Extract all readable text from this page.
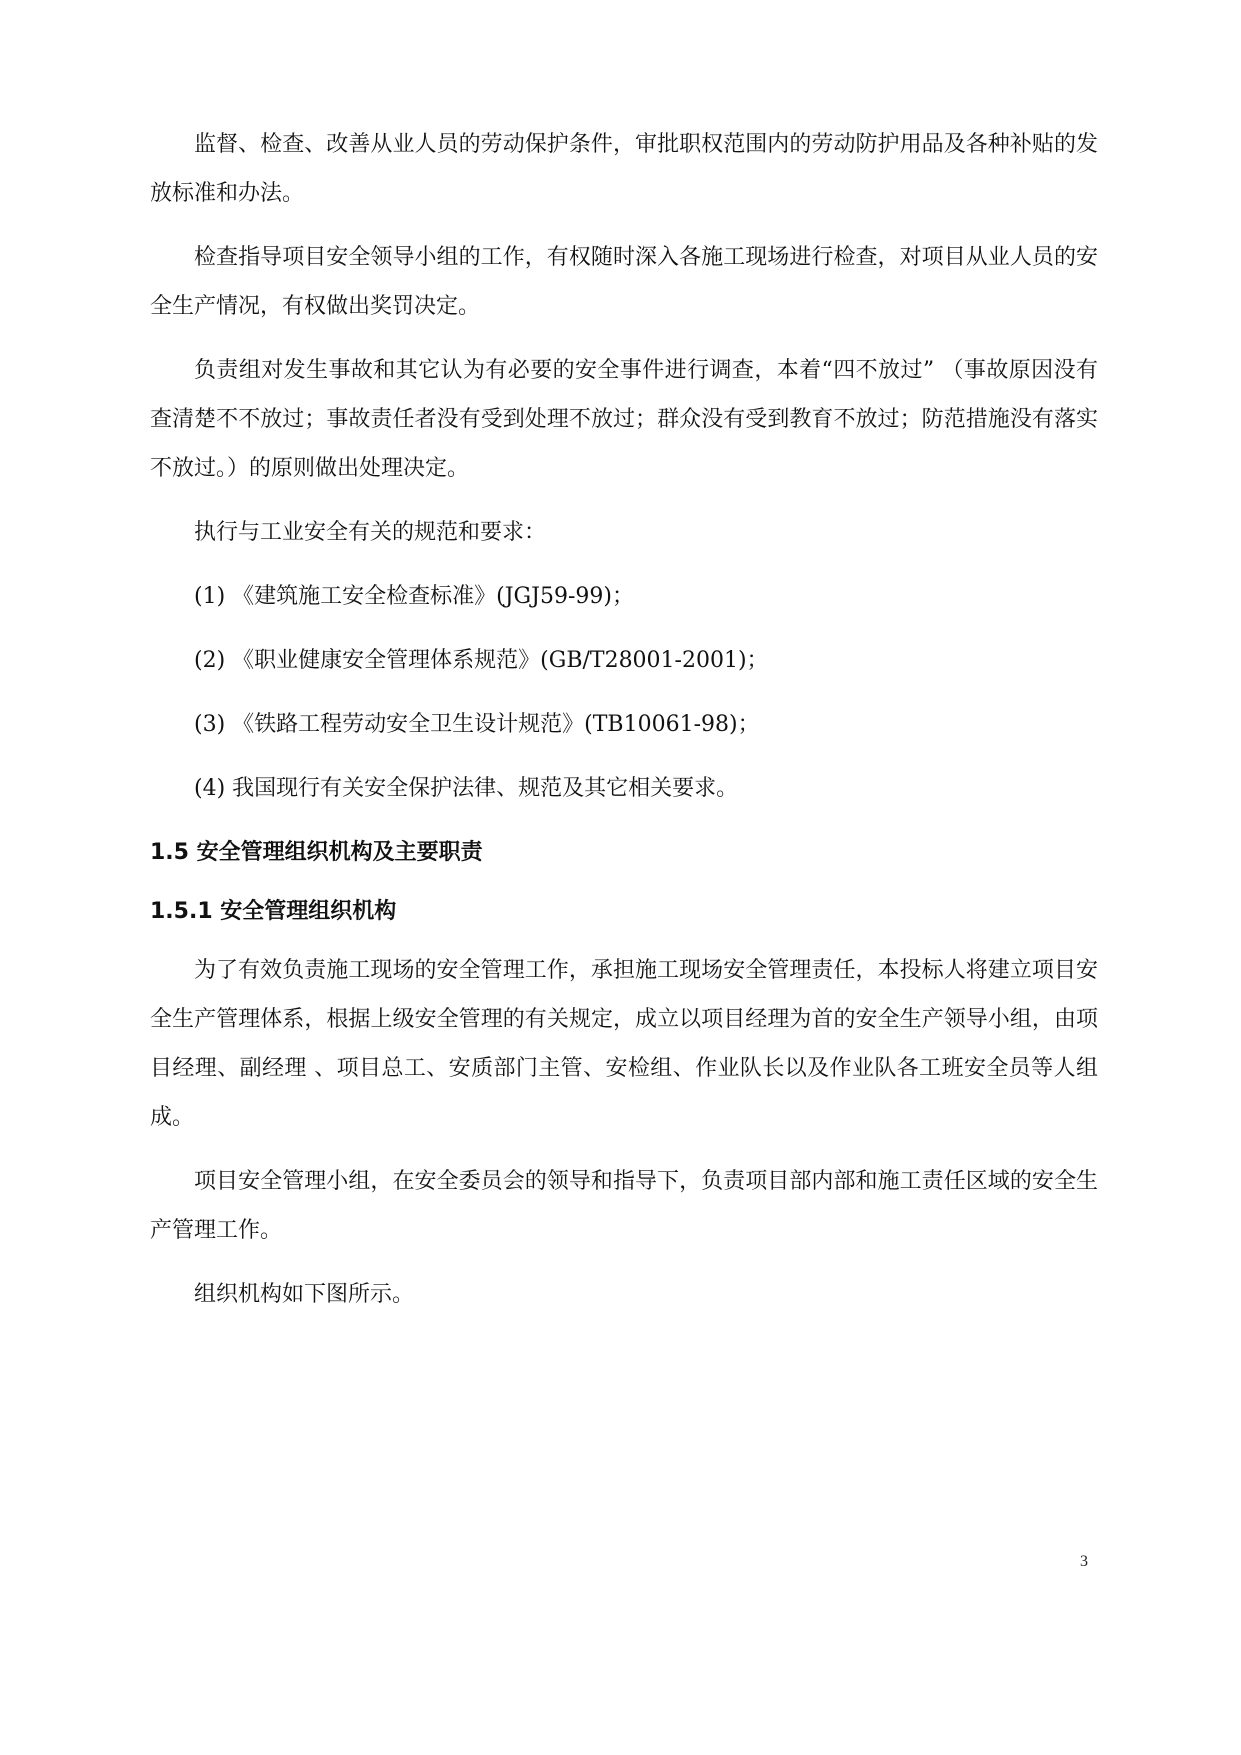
监督、检查、改善从业人员的劳动保护条件，审批职权范围内的劳动防护用品及各种补贴的发放标准和办法。

检查指导项目安全领导小组的工作，有权随时深入各施工现场进行检查，对项目从业人员的安全生产情况，有权做出奖罚决定。

负责组对发生事故和其它认为有必要的安全事件进行调查，本着“四不放过” （事故原因没有查清楚不不放过；事故责任者没有受到处理不放过；群众没有受到教育不放过；防范措施没有落实不放过。）的原则做出处理决定。

执行与工业安全有关的规范和要求：

(1) 《建筑施工安全检查标准》(JGJ59-99)；
(2) 《职业健康安全管理体系规范》(GB/T28001-2001)；
(3) 《铁路工程劳动安全卫生设计规范》(TB10061-98)；
(4) 我国现行有关安全保护法律、规范及其它相关要求。
1.5 安全管理组织机构及主要职责
1.5.1 安全管理组织机构

为了有效负责施工现场的安全管理工作，承担施工现场安全管理责任，本投标人将建立项目安全生产管理体系，根据上级安全管理的有关规定，成立以项目经理为首的安全生产领导小组，由项目经理、副经理 、项目总工、安质部门主管、安检组、作业队长以及作业队各工班安全员等人组成。

项目安全管理小组，在安全委员会的领导和指导下，负责项目部内部和施工责任区域的安全生产管理工作。

组织机构如下图所示。

3
